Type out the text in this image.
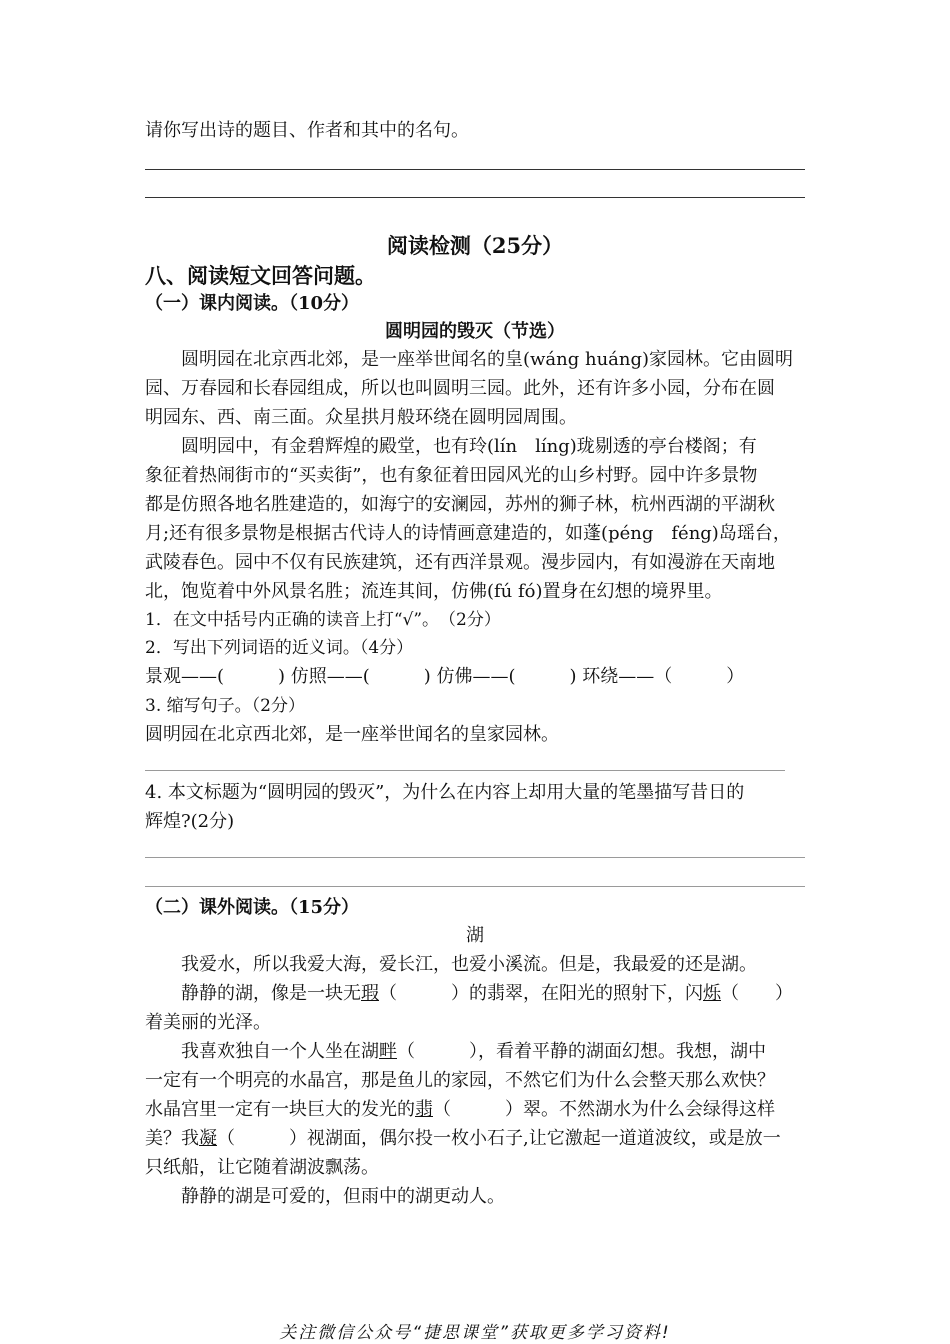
请你写出诗的题目、作者和其中的名句。
阅读检测（25分）
八、阅读短文回答问题。
（一）课内阅读。（10分）
圆明园的毁灭（节选）
　　圆明园在北京西北郊，是一座举世闻名的皇(wáng huáng)家园林。它由圆明
园、万春园和长春园组成，所以也叫圆明三园。此外，还有许多小园，分布在圆
明园东、西、南三面。众星拱月般环绕在圆明园周围。
　　圆明园中，有金碧辉煌的殿堂，也有玲(lín　líng)珑剔透的亭台楼阁；有
象征着热闹街市的“买卖街”，也有象征着田园风光的山乡村野。园中许多景物
都是仿照各地名胜建造的，如海宁的安澜园，苏州的狮子林，杭州西湖的平湖秋
月;还有很多景物是根据古代诗人的诗情画意建造的，如蓬(péng　féng)岛瑶台，
武陵春色。园中不仅有民族建筑，还有西洋景观。漫步园内，有如漫游在天南地
北，饱览着中外风景名胜；流连其间，仿佛(fú fó)置身在幻想的境界里。
1．在文中括号内正确的读音上打“√”。　（2分）
2．写出下列词语的近义词。（4分）
景观——(　　　) 仿照——(　　　) 仿佛——(　　　) 环绕——（　　　）
3. 缩写句子。（2分）
圆明园在北京西北郊，是一座举世闻名的皇家园林。
4. 本文标题为“圆明园的毁灭”，为什么在内容上却用大量的笔墨描写昔日的
辉煌?(2分)
（二）课外阅读。（15分）
湖
　　我爱水，所以我爱大海，爱长江，也爱小溪流。但是，我最爱的还是湖。
　　静静的湖，像是一块无瑕（　　　）的翡翠，在阳光的照射下，闪烁（　　）
着美丽的光泽。
　　我喜欢独自一个人坐在湖畔（　　　），看着平静的湖面幻想。我想，湖中
一定有一个明亮的水晶宫，那是鱼儿的家园，不然它们为什么会整天那么欢快？
水晶宫里一定有一块巨大的发光的翡（　　　）翠。不然湖水为什么会绿得这样
美？我凝（　　　）视湖面，偶尔投一枚小石子,让它激起一道道波纹，或是放一
只纸船，让它随着湖波飘荡。
　　静静的湖是可爱的，但雨中的湖更动人。
关注微信公众号“捷思课堂”获取更多学习资料!
